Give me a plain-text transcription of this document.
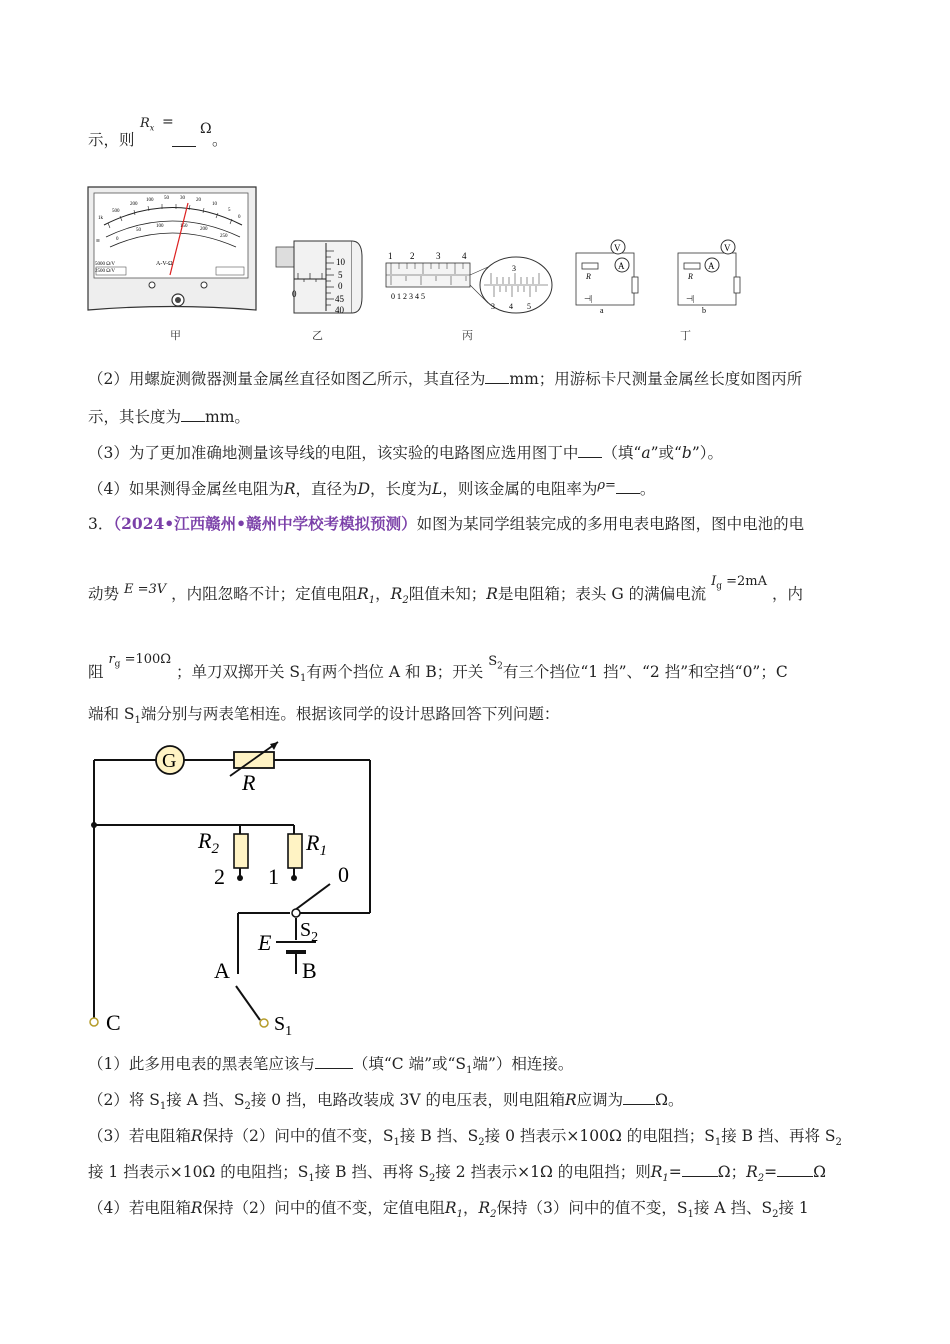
示，则
$R_x = \Omega$
。
1k
500
200
100 50 30 20
10
5
0
0
50
100	150
200
250
A-V-Ω
≡
5000 Ω/V
2500 Ω/V
10
5
0
45
40
0
1 2 3 4
0 1 2 3 4 5
3
3 4 5
V
R
A
⊣|
a
V
R
A
⊣|
b
甲	乙	丙	丁
（2）用螺旋测微器测量金属丝直径如图乙所示，其直径为 mm；用游标卡尺测量金属丝长度如图丙所
示，其长度为 mm。
（3）为了更加准确地测量该导线的电阻，该实验的电路图应选用图丁中 （填“a”或“b”）。
（4）如果测得金属丝电阻为R，直径为D，长度为L，则该金属的电阻率为$^{\rho=}$ 。
3．（2024•江西赣州•赣州中学校考模拟预测）如图为某同学组装完成的多用电表电路图，图中电池的电
动势 $^{E =3V}$ ，内阻忽略不计；定值电阻$R_1$，$R_2$阻值未知；R是电阻箱；表头 G 的满偏电流 $^{I_g =2mA}$ ，内
阻 $^{r_g =100\Omega}$ ；单刀双掷开关 $S_1$有两个挡位 A 和 B；开关 $^{S_2}$有三个挡位“1 挡”、“2 挡”和空挡“0”；C
端和 $S_1$端分别与两表笔相连。根据该同学的设计思路回答下列问题：
G
R
$R_2$	$R_1$
2 1	0
$S_2$
E
A	B
C	$S_1$
（1）此多用电表的黑表笔应该与 （填“C 端”或“$S_1$端”）相连接。
（2）将 $S_1$接 A 挡、$S_2$接 0 挡，电路改装成 3V 的电压表，则电阻箱R应调为 Ω。
（3）若电阻箱R保持（2）问中的值不变，$S_1$接 B 挡、$S_2$接 0 挡表示×100Ω 的电阻挡；$S_1$接 B 挡、再将 $S_2$
接 1 挡表示×10Ω 的电阻挡；$S_1$接 B 挡、再将 $S_2$接 2 挡表示×1Ω 的电阻挡；则$R_1= \Omega$；$R_2= \Omega$
（4）若电阻箱R保持（2）问中的值不变，定值电阻$R_1$，$R_2$保持（3）问中的值不变，$S_1$接 A 挡、$S_2$接 1
